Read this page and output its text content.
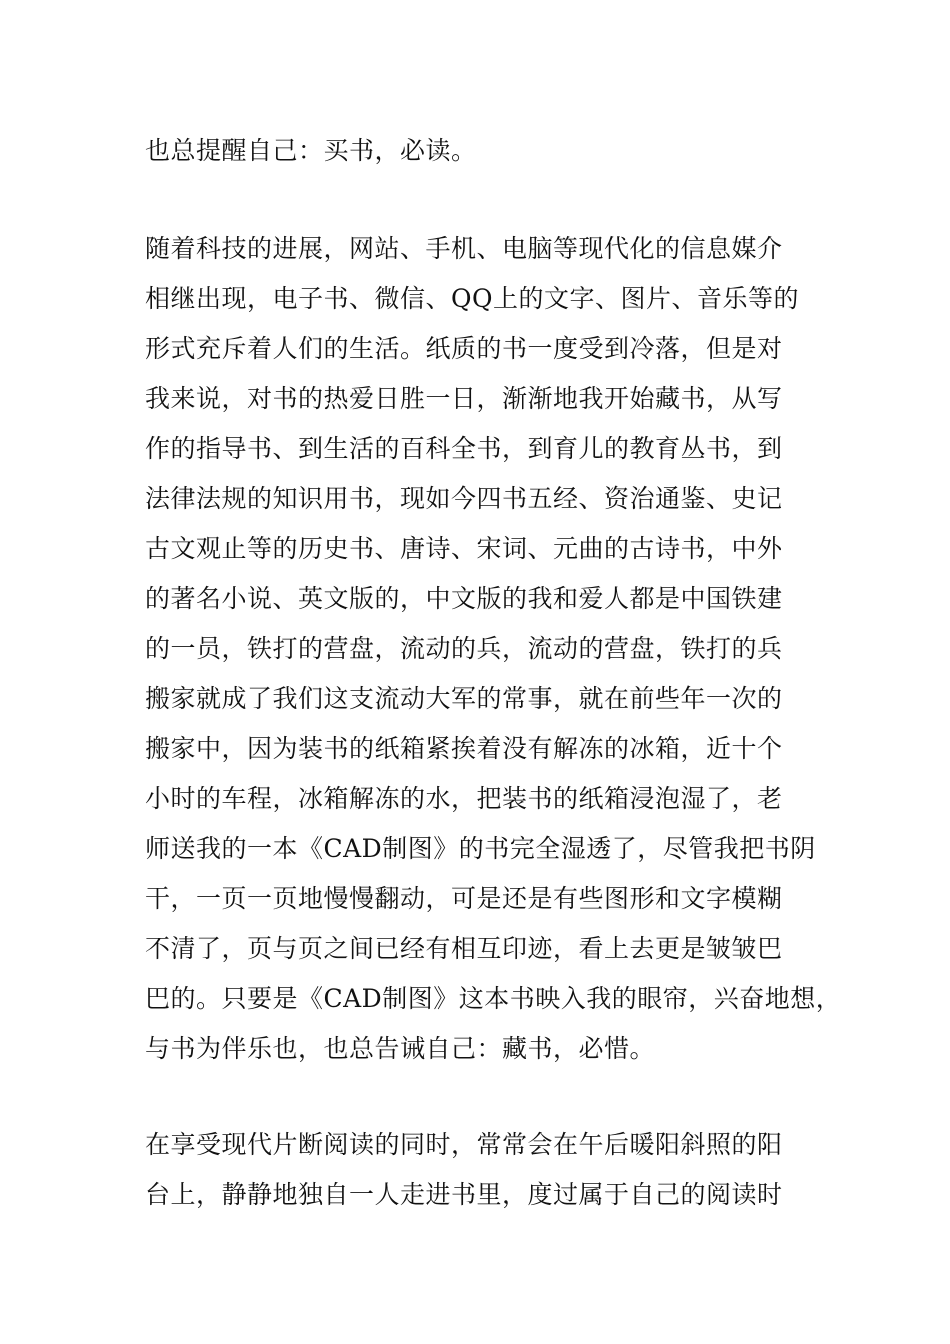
也总提醒自己：买书，必读。
随着科技的进展，网站、手机、电脑等现代化的信息媒介
相继出现，电子书、微信、QQ上的文字、图片、音乐等的
形式充斥着人们的生活。纸质的书一度受到冷落，但是对
我来说，对书的热爱日胜一日，渐渐地我开始藏书，从写
作的指导书、到生活的百科全书，到育儿的教育丛书，到
法律法规的知识用书，现如今四书五经、资治通鉴、史记
古文观止等的历史书、唐诗、宋词、元曲的古诗书，中外
的著名小说、英文版的，中文版的我和爱人都是中国铁建
的一员，铁打的营盘，流动的兵，流动的营盘，铁打的兵
搬家就成了我们这支流动大军的常事，就在前些年一次的
搬家中，因为装书的纸箱紧挨着没有解冻的冰箱，近十个
小时的车程，冰箱解冻的水，把装书的纸箱浸泡湿了，老
师送我的一本《CAD制图》的书完全湿透了，尽管我把书阴
干，一页一页地慢慢翻动，可是还是有些图形和文字模糊
不清了，页与页之间已经有相互印迹，看上去更是皱皱巴
巴的。只要是《CAD制图》这本书映入我的眼帘，兴奋地想，
与书为伴乐也，也总告诫自己：藏书，必惜。
在享受现代片断阅读的同时，常常会在午后暖阳斜照的阳
台上，静静地独自一人走进书里，度过属于自己的阅读时
